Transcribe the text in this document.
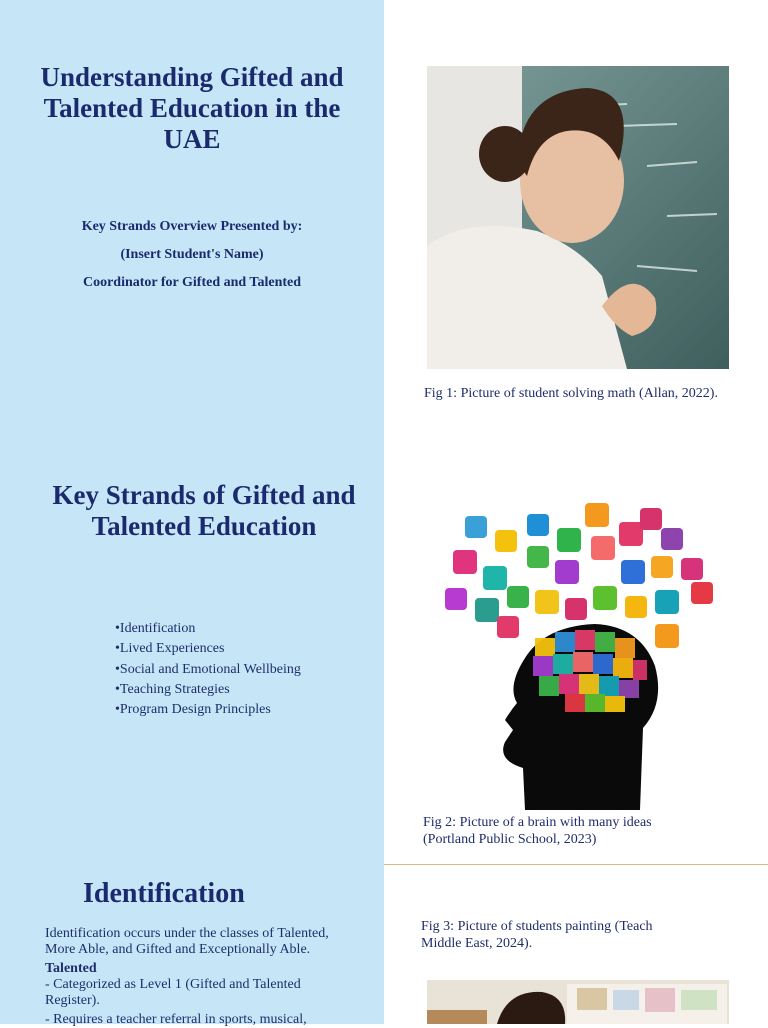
Understanding Gifted and Talented Education in the UAE
Key Strands Overview Presented by:
(Insert Student's Name)
Coordinator for Gifted and Talented
Fig 1: Picture of student solving math (Allan, 2022).
Key Strands of Gifted and Talented Education
•Identification
•Lived Experiences
•Social and Emotional Wellbeing
•Teaching Strategies
•Program Design Principles
Fig 2: Picture of a brain with many ideas (Portland Public School, 2023)
Identification
Identification occurs under the classes of Talented, More Able, and Gifted and Exceptionally Able.
Talented
- Categorized as Level 1 (Gifted and Talented Register).
- Requires a teacher referral in sports, musical,
Fig 3: Picture of students painting (Teach Middle East, 2024).
